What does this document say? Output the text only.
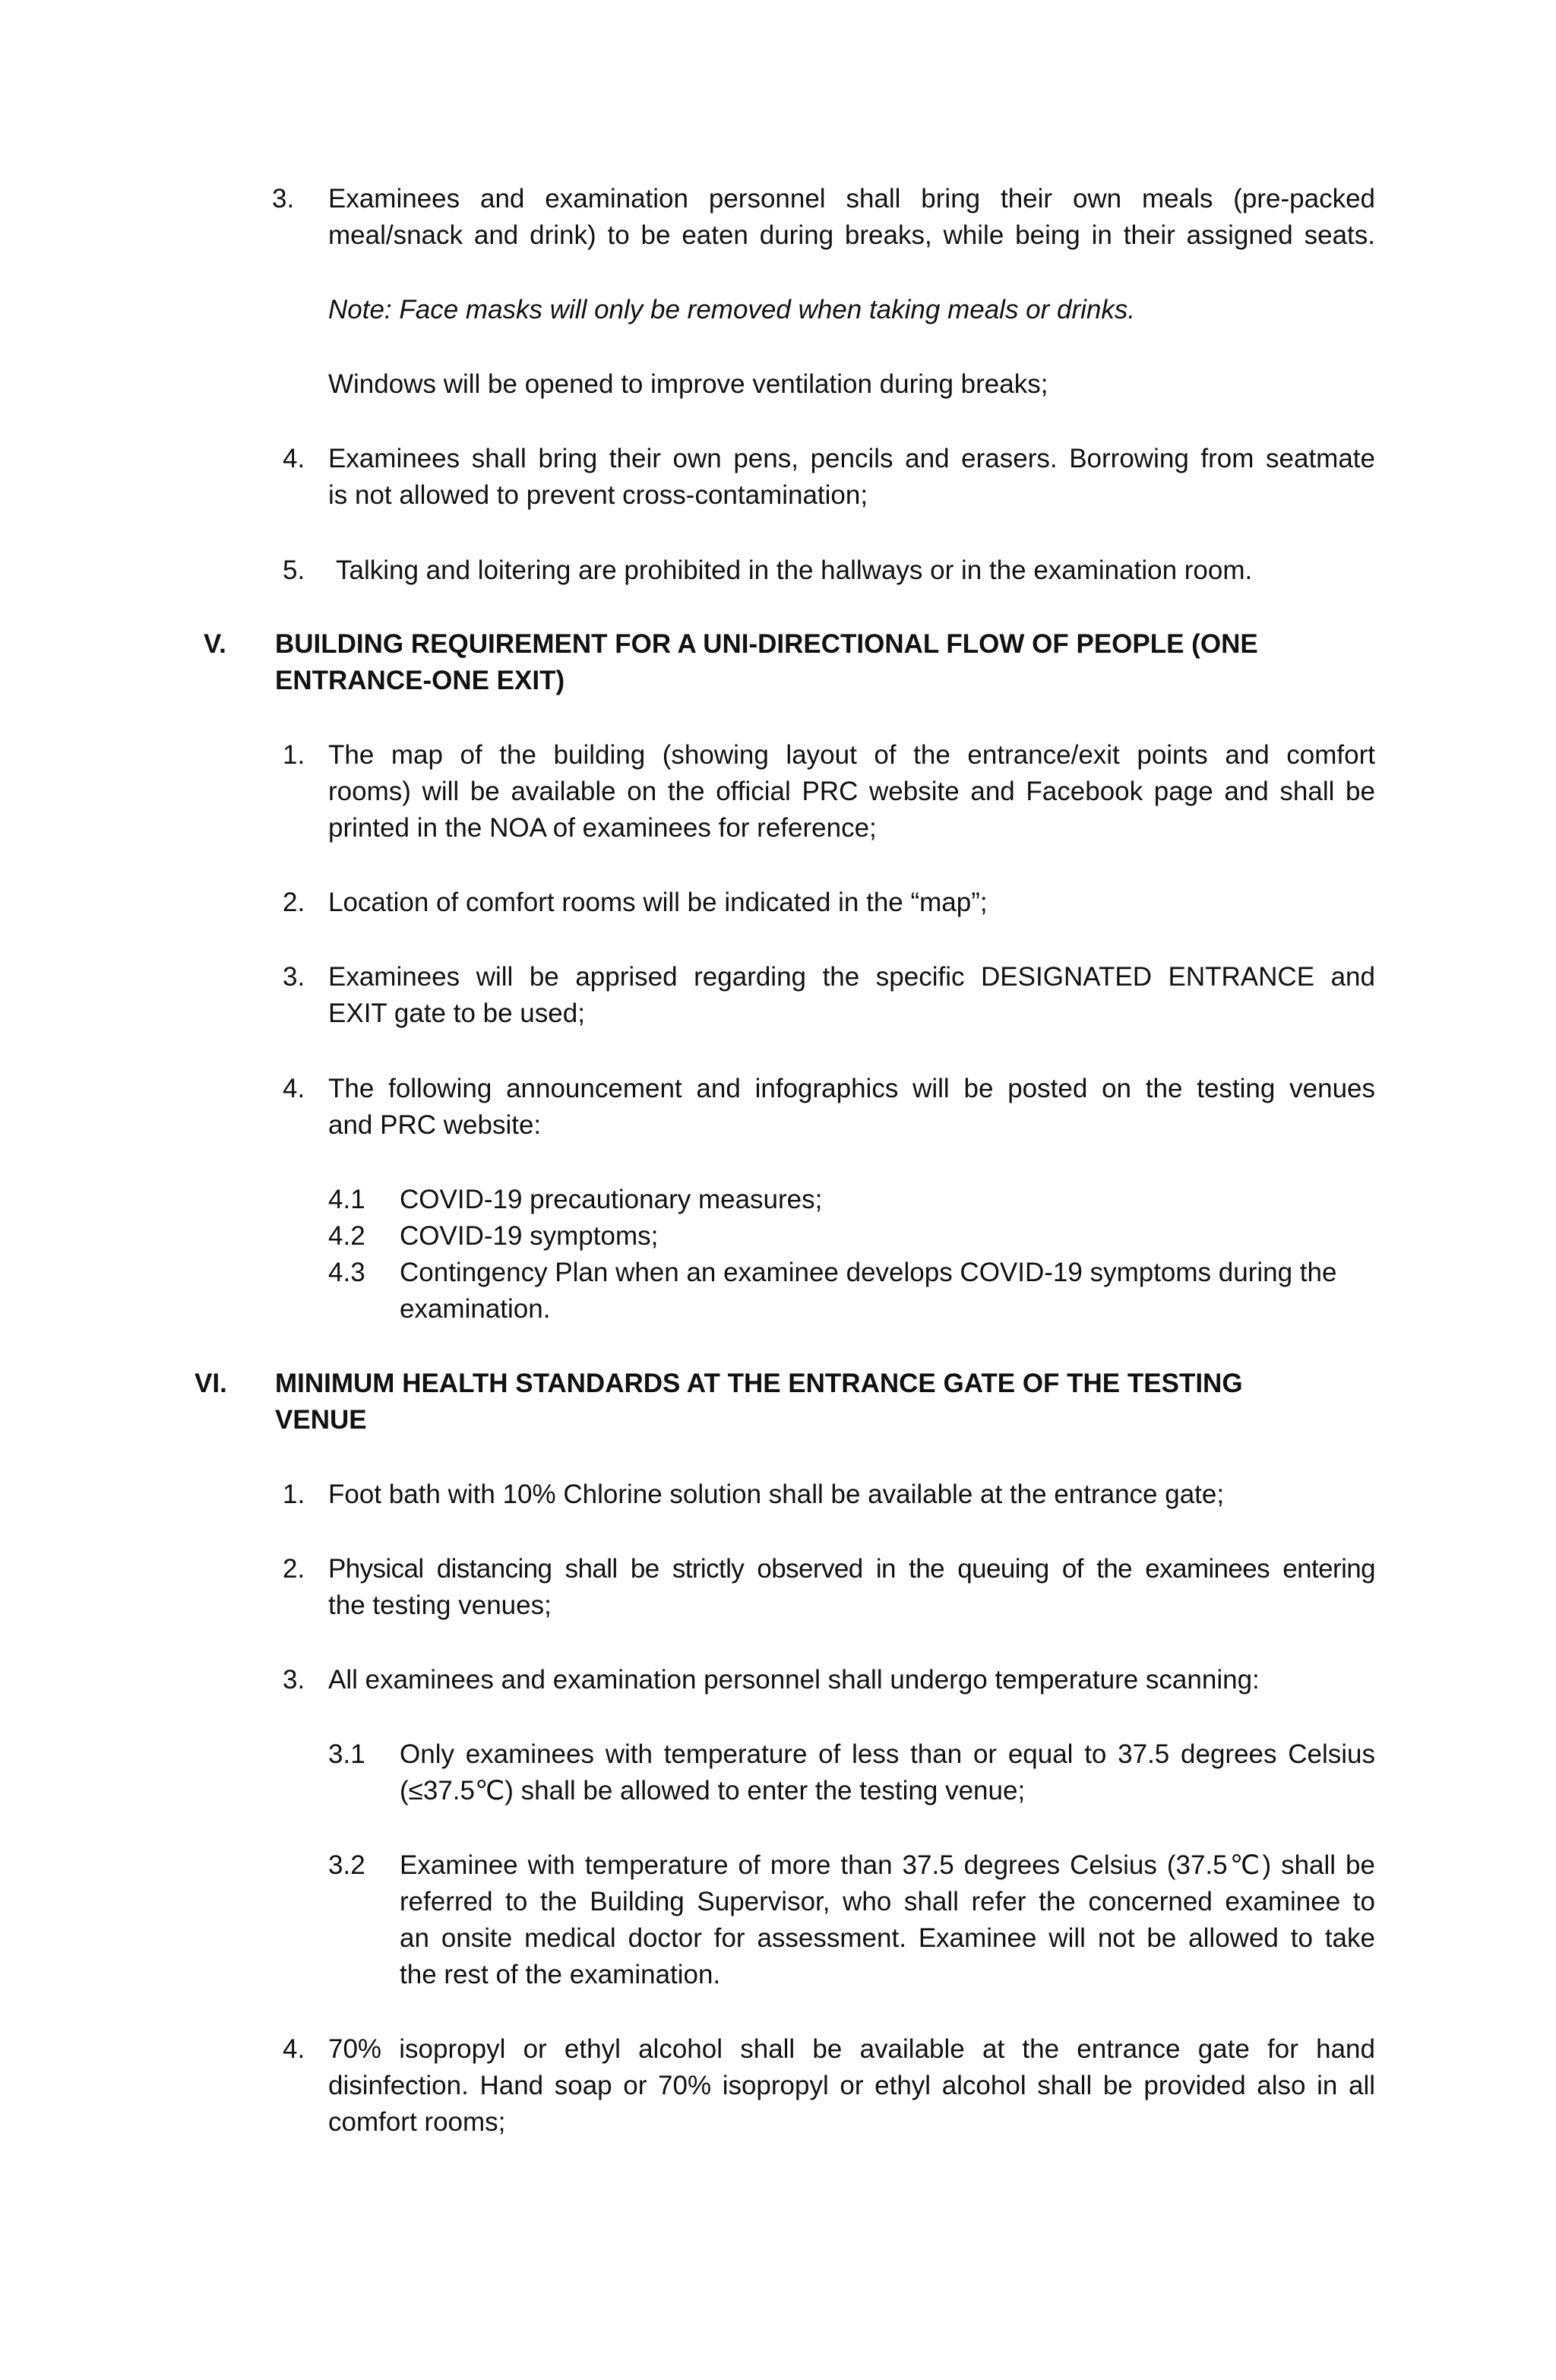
3. Examinees and examination personnel shall bring their own meals (pre-packed
meal/snack and drink) to be eaten during breaks, while being in their assigned seats.
Note: Face masks will only be removed when taking meals or drinks.
Windows will be opened to improve ventilation during breaks;
4. Examinees shall bring their own pens, pencils and erasers. Borrowing from seatmate
is not allowed to prevent cross-contamination;
5. Talking and loitering are prohibited in the hallways or in the examination room.
V. BUILDING REQUIREMENT FOR A UNI-DIRECTIONAL FLOW OF PEOPLE (ONE
ENTRANCE-ONE EXIT)
1. The map of the building (showing layout of the entrance/exit points and comfort
rooms) will be available on the official PRC website and Facebook page and shall be
printed in the NOA of examinees for reference;
2. Location of comfort rooms will be indicated in the “map”;
3. Examinees will be apprised regarding the specific DESIGNATED ENTRANCE and
EXIT gate to be used;
4. The following announcement and infographics will be posted on the testing venues
and PRC website:
4.1 COVID-19 precautionary measures;
4.2 COVID-19 symptoms;
4.3 Contingency Plan when an examinee develops COVID-19 symptoms during the
examination.
VI. MINIMUM HEALTH STANDARDS AT THE ENTRANCE GATE OF THE TESTING
VENUE
1. Foot bath with 10% Chlorine solution shall be available at the entrance gate;
2. Physical distancing shall be strictly observed in the queuing of the examinees entering
the testing venues;
3. All examinees and examination personnel shall undergo temperature scanning:
3.1 Only examinees with temperature of less than or equal to 37.5 degrees Celsius
(≤37.5℃) shall be allowed to enter the testing venue;
3.2 Examinee with temperature of more than 37.5 degrees Celsius (37.5℃) shall be
referred to the Building Supervisor, who shall refer the concerned examinee to
an onsite medical doctor for assessment. Examinee will not be allowed to take
the rest of the examination.
4. 70% isopropyl or ethyl alcohol shall be available at the entrance gate for hand
disinfection. Hand soap or 70% isopropyl or ethyl alcohol shall be provided also in all
comfort rooms;
